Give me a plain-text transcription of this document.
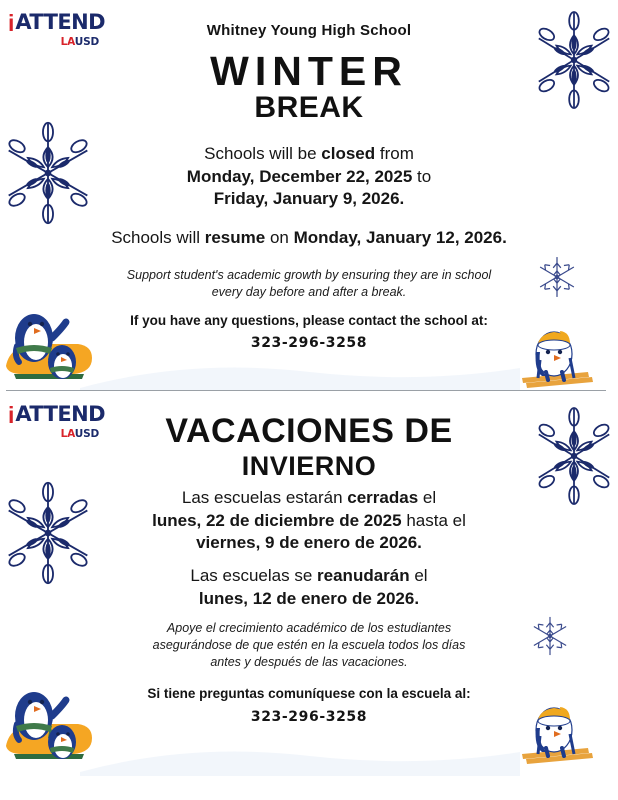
i ATTEND
LAUSD
Whitney Young High School
WINTER
BREAK
Schools will be closed from
Monday, December 22, 2025 to
Friday, January 9, 2026.
Schools will resume on Monday, January 12, 2026.
Support student's academic growth by ensuring they are in school
every day before and after a break.
If you have any questions, please contact the school at:
323-296-3258
i ATTEND
LAUSD	VACACIONES DE
INVIERNO
Las escuelas estarán cerradas el
lunes, 22 de diciembre de 2025 hasta el
viernes, 9 de enero de 2026.
Las escuelas se reanudarán el
lunes, 12 de enero de 2026.
Apoye el crecimiento académico de los estudiantes
asegurándose de que estén en la escuela todos los días
antes y después de las vacaciones.
Si tiene preguntas comuníquese con la escuela al:
323-296-3258
